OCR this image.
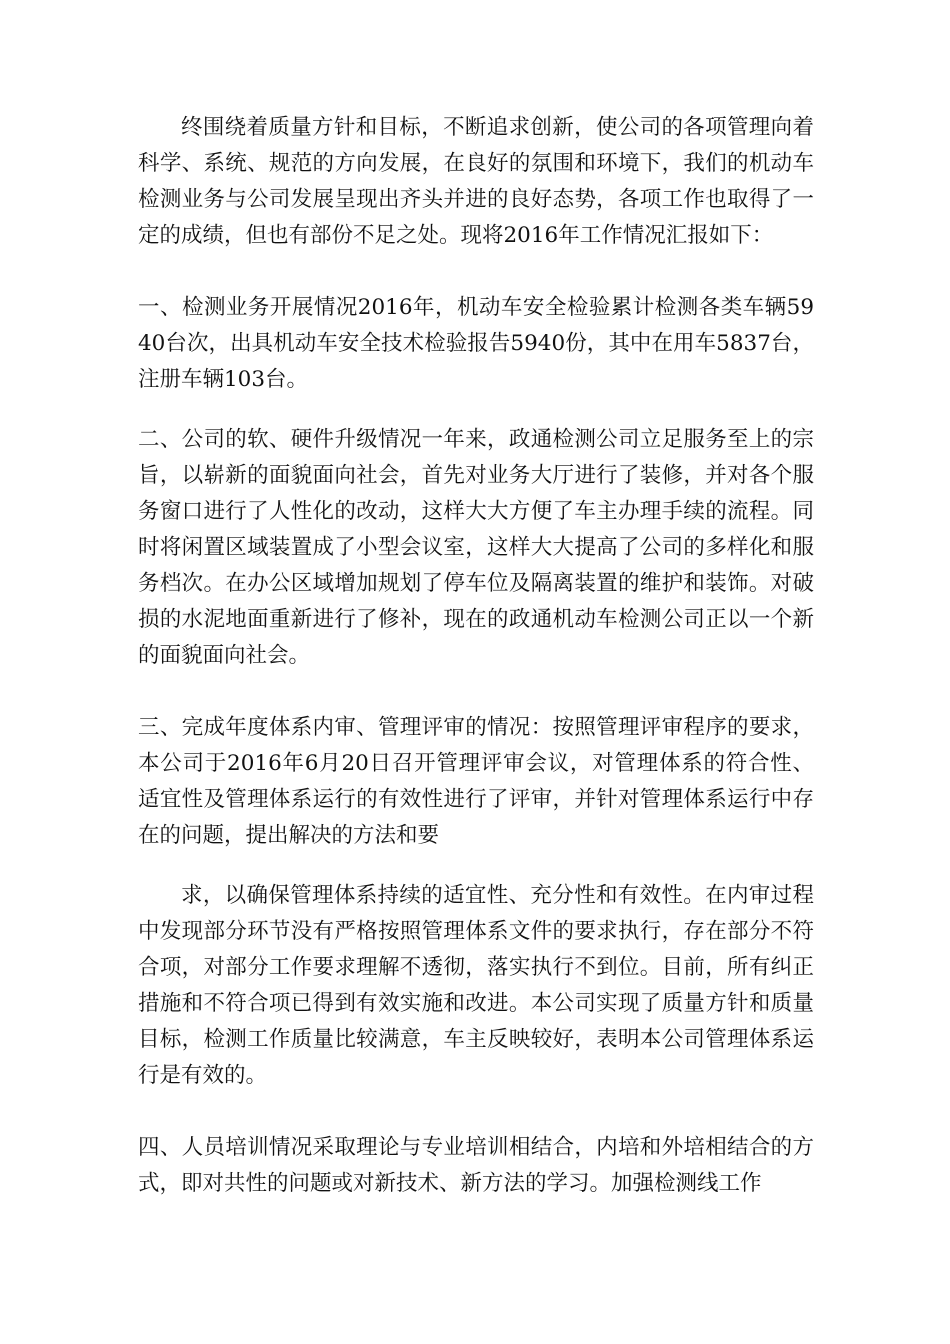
终围绕着质量方针和目标，不断追求创新，使公司的各项管理向着科学、系统、规范的方向发展，在良好的氛围和环境下，我们的机动车检测业务与公司发展呈现出齐头并进的良好态势，各项工作也取得了一定的成绩，但也有部份不足之处。现将2016年工作情况汇报如下：

一、检测业务开展情况2016年，机动车安全检验累计检测各类车辆5940台次，出具机动车安全技术检验报告5940份，其中在用车5837台，注册车辆103台。

二、公司的软、硬件升级情况一年来，政通检测公司立足服务至上的宗旨，以崭新的面貌面向社会，首先对业务大厅进行了装修，并对各个服务窗口进行了人性化的改动，这样大大方便了车主办理手续的流程。同时将闲置区域装置成了小型会议室，这样大大提高了公司的多样化和服务档次。在办公区域增加规划了停车位及隔离装置的维护和装饰。对破损的水泥地面重新进行了修补，现在的政通机动车检测公司正以一个新的面貌面向社会。

三、完成年度体系内审、管理评审的情况：按照管理评审程序的要求，本公司于2016年6月20日召开管理评审会议，对管理体系的符合性、适宜性及管理体系运行的有效性进行了评审，并针对管理体系运行中存在的问题，提出解决的方法和要

求，以确保管理体系持续的适宜性、充分性和有效性。在内审过程中发现部分环节没有严格按照管理体系文件的要求执行，存在部分不符合项，对部分工作要求理解不透彻，落实执行不到位。目前，所有纠正措施和不符合项已得到有效实施和改进。本公司实现了质量方针和质量目标，检测工作质量比较满意，车主反映较好，表明本公司管理体系运行是有效的。

四、人员培训情况采取理论与专业培训相结合，内培和外培相结合的方式，即对共性的问题或对新技术、新方法的学习。加强检测线工作
